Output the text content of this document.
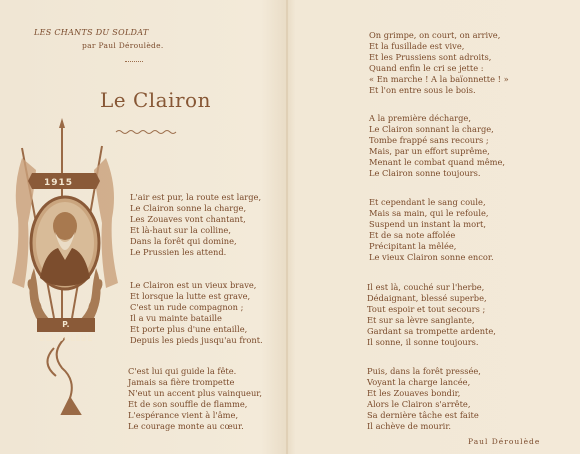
LES CHANTS DU SOLDAT
par Paul Déroulède.
Le Clairon
1915
P. DÉROULÈDE
L'air est pur, la route est large,
Le Clairon sonne la charge,
Les Zouaves vont chantant,
Et là-haut sur la colline,
Dans la forêt qui domine,
Le Prussien les attend.
Le Clairon est un vieux brave,
Et lorsque la lutte est grave,
C'est un rude compagnon ;
Il a vu mainte bataille
Et porte plus d'une entaille,
Depuis les pieds jusqu'au front.
C'est lui qui guide la fête.
Jamais sa fière trompette
N'eut un accent plus vainqueur,
Et de son souffle de flamme,
L'espérance vient à l'âme,
Le courage monte au cœur.
On grimpe, on court, on arrive,
Et la fusillade est vive,
Et les Prussiens sont adroits,
Quand enfin le cri se jette :
« En marche ! A la baïonnette ! »
Et l'on entre sous le bois.
A la première décharge,
Le Clairon sonnant la charge,
Tombe frappé sans recours ;
Mais, par un effort suprême,
Menant le combat quand même,
Le Clairon sonne toujours.
Et cependant le sang coule,
Mais sa main, qui le refoule,
Suspend un instant la mort,
Et de sa note affolée
Précipitant la mêlée,
Le vieux Clairon sonne encor.
Il est là, couché sur l'herbe,
Dédaignant, blessé superbe,
Tout espoir et tout secours ;
Et sur sa lèvre sanglante,
Gardant sa trompette ardente,
Il sonne, il sonne toujours.
Puis, dans la forêt pressée,
Voyant la charge lancée,
Et les Zouaves bondir,
Alors le Clairon s'arrête,
Sa dernière tâche est faite
Il achève de mourir.
Paul Déroulède
